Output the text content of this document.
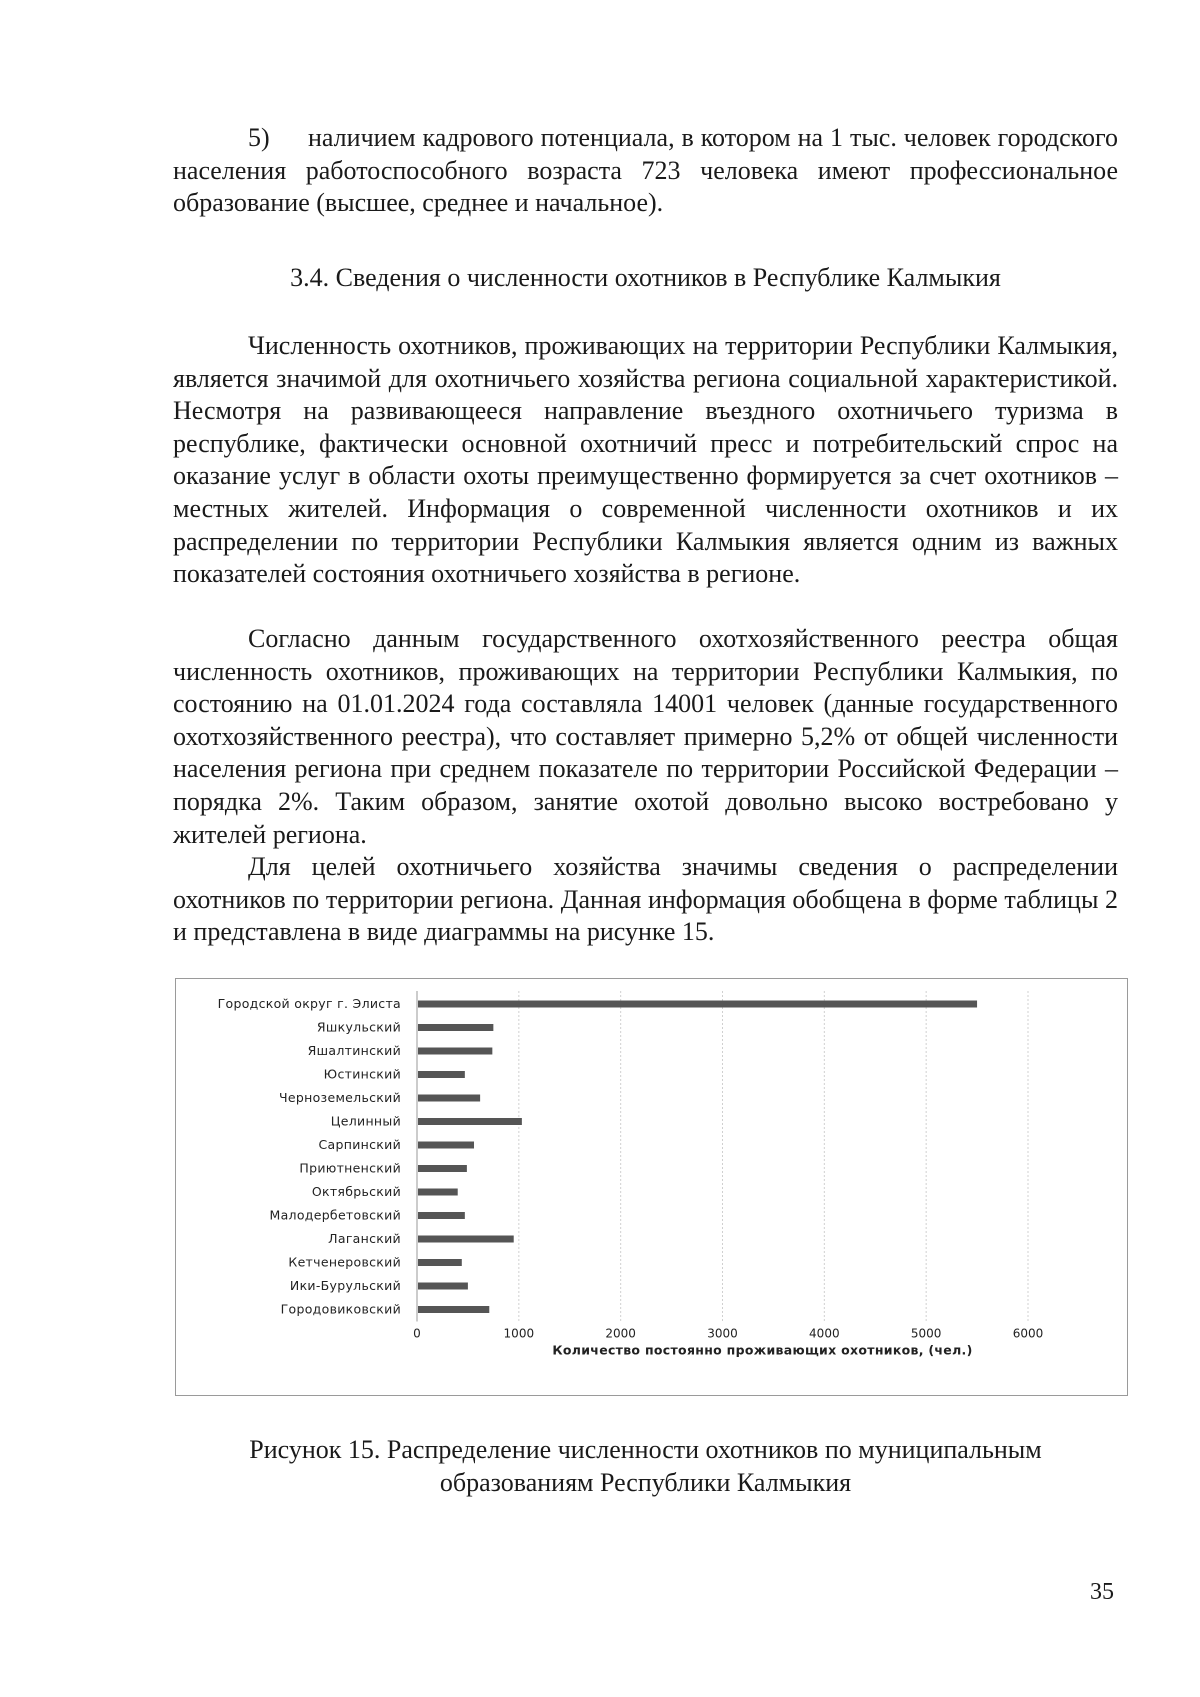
5) наличием кадрового потенциала, в котором на 1 тыс. человек городского населения работоспособного возраста 723 человека имеют профессиональное образование (высшее, среднее и начальное).

3.4. Сведения о численности охотников в Республике Калмыкия

Численность охотников, проживающих на территории Республики Калмыкия, является значимой для охотничьего хозяйства региона социальной характеристикой. Несмотря на развивающееся направление въездного охотничьего туризма в республике, фактически основной охотничий пресс и потребительский спрос на оказание услуг в области охоты преимущественно формируется за счет охотников – местных жителей. Информация о современной численности охотников и их распределении по территории Республики Калмыкия является одним из важных показателей состояния охотничьего хозяйства в регионе.

Согласно данным государственного охотхозяйственного реестра общая численность охотников, проживающих на территории Республики Калмыкия, по состоянию на 01.01.2024 года составляла 14001 человек (данные государственного охотхозяйственного реестра), что составляет примерно 5,2% от общей численности населения региона при среднем показателе по территории Российской Федерации – порядка 2%. Таким образом, занятие охотой довольно высоко востребовано у жителей региона.

Для целей охотничьего хозяйства значимы сведения о распределении охотников по территории региона. Данная информация обобщена в форме таблицы 2 и представлена в виде диаграммы на рисунке 15.

0	1000	2000	3000	4000	5000	6000
Городской округ г. Элиста
Яшкульский
Яшалтинский
Юстинский
Черноземельский
Целинный
Сарпинский
Приютненский
Октябрьский
Малодербетовский
Лаганский
Кетченеровский
Ики-Бурульский
Городовиковский
Количество постоянно проживающих охотников, (чел.)

Рисунок 15. Распределение численности охотников по муниципальным образованиям Республики Калмыкия

35
